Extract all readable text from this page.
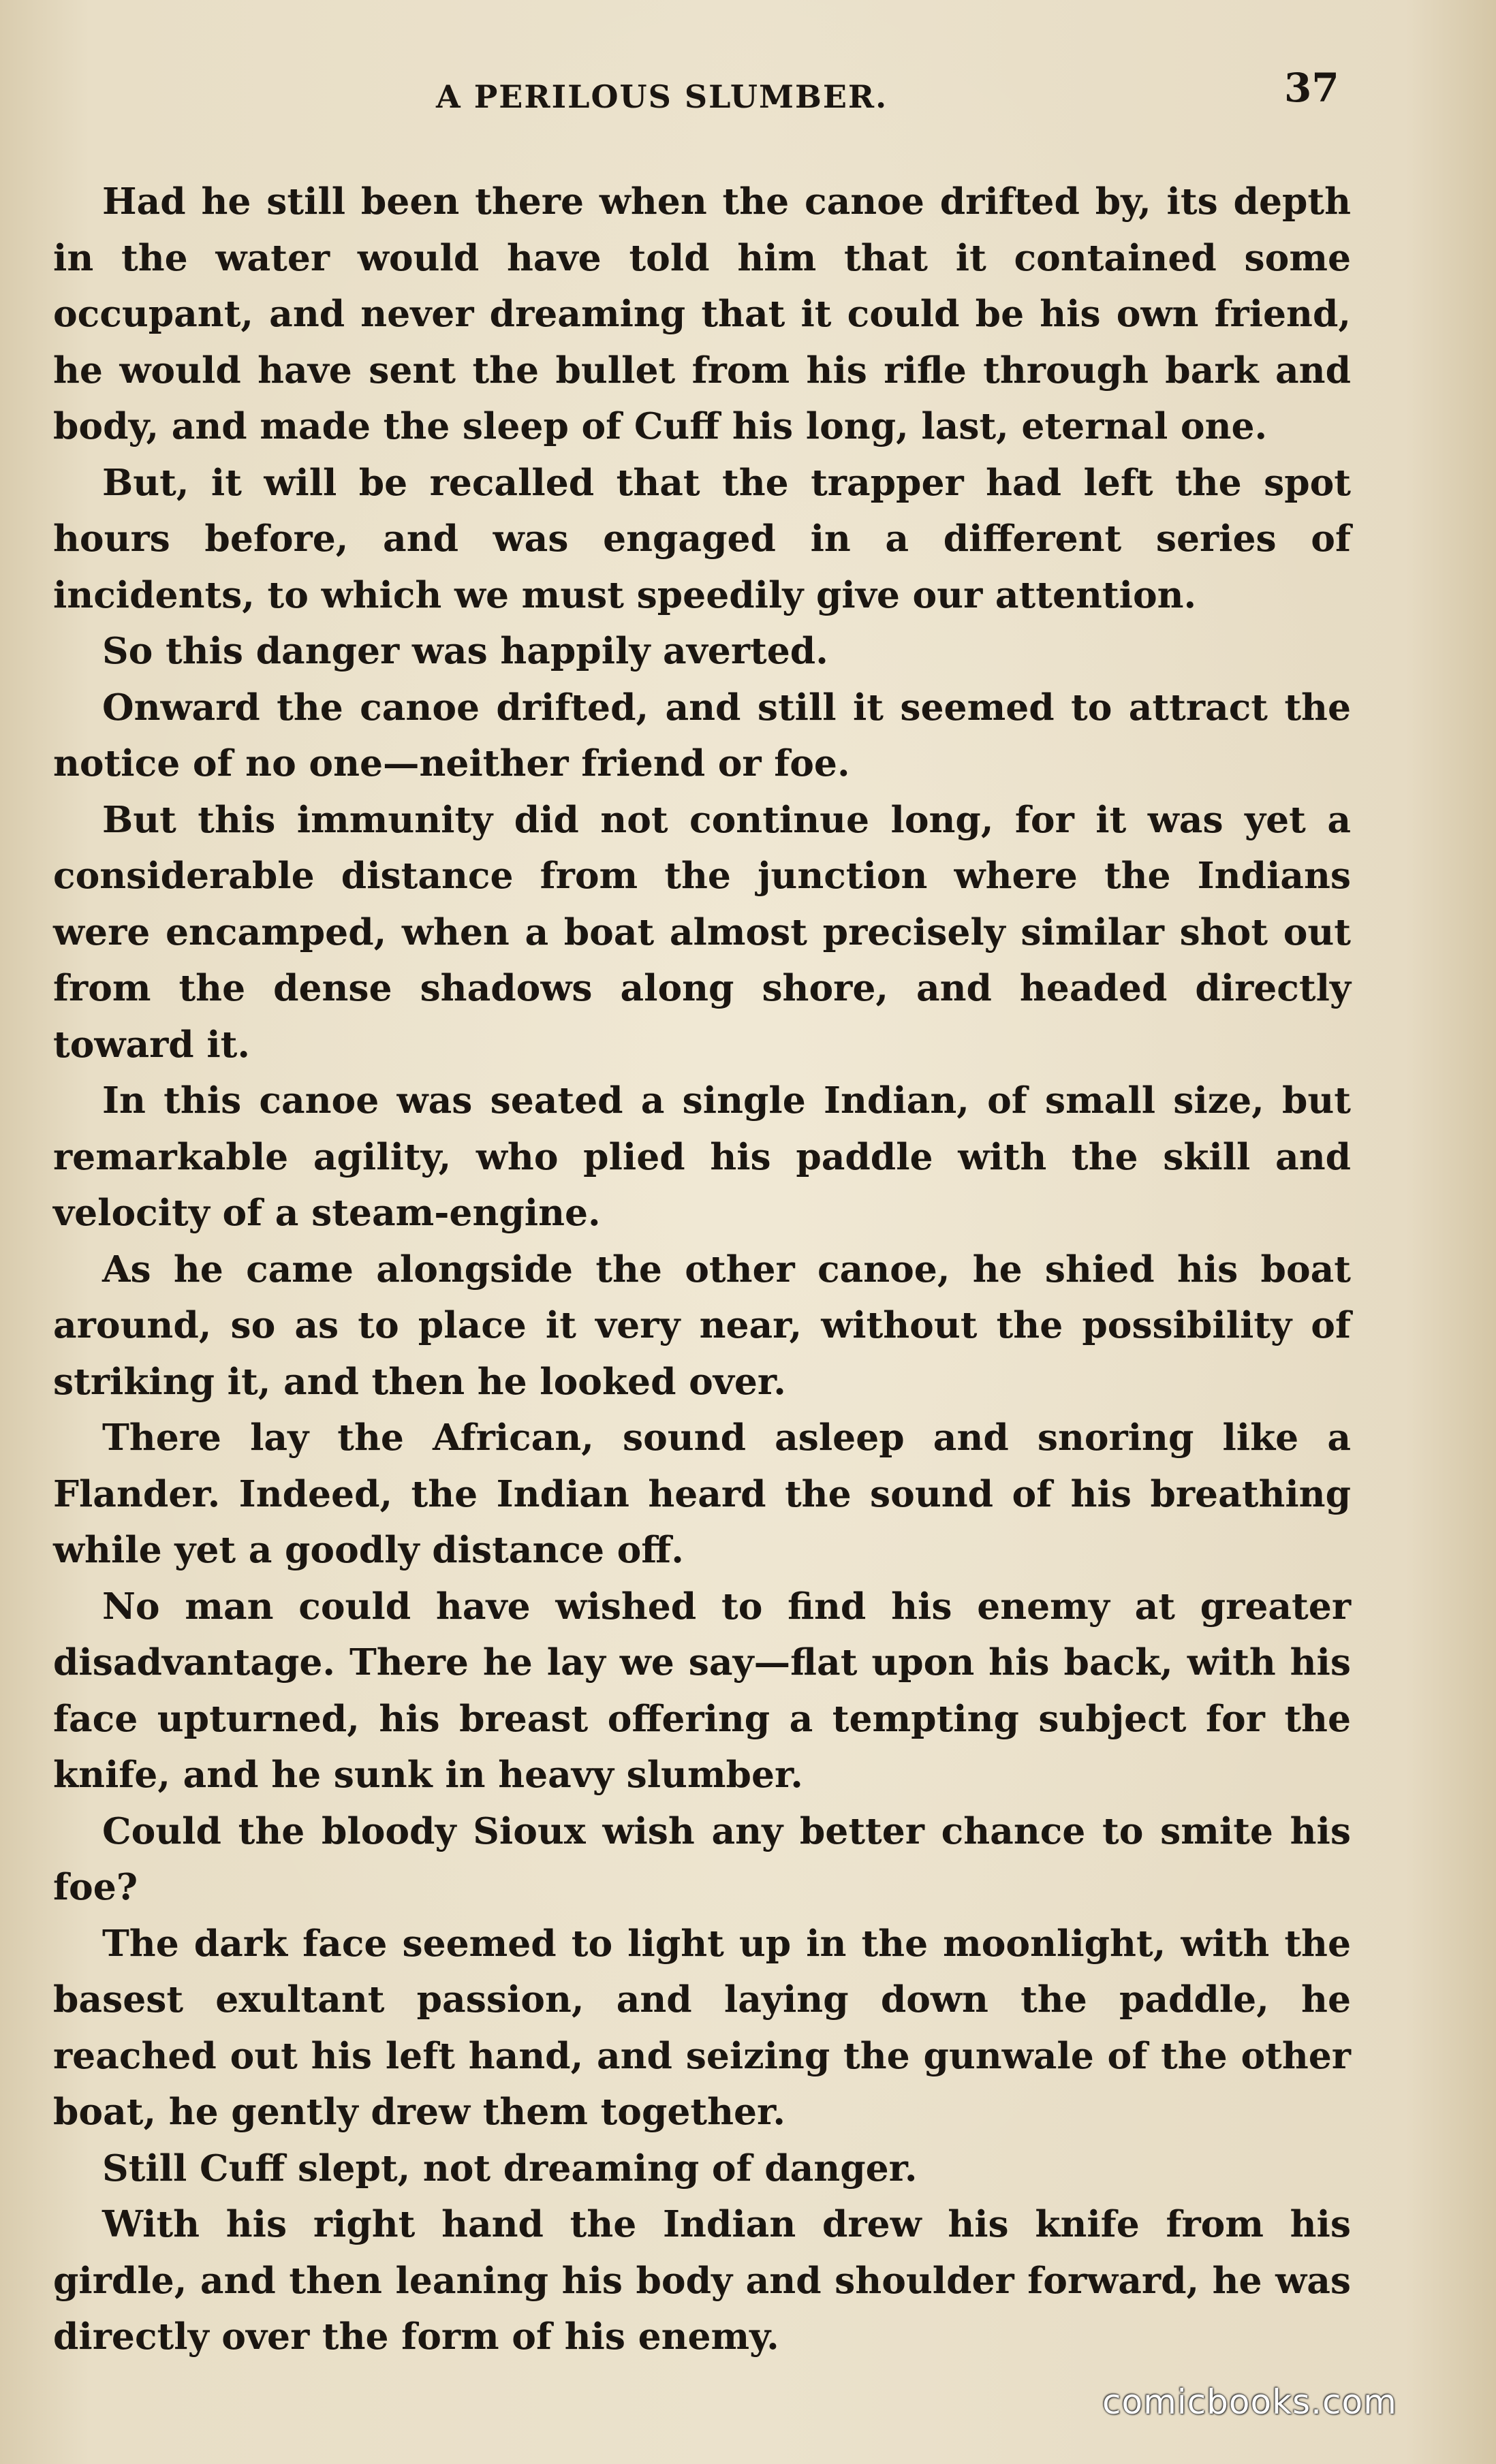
A PERILOUS SLUMBER.	37

Had he still been there when the canoe drifted by, its depth in the water would have told him that it contained some occupant, and never dreaming that it could be his own friend, he would have sent the bullet from his rifle through bark and body, and made the sleep of Cuff his long, last, eternal one.

But, it will be recalled that the trapper had left the spot hours before, and was engaged in a different series of incidents, to which we must speedily give our attention.

So this danger was happily averted.

Onward the canoe drifted, and still it seemed to attract the notice of no one—neither friend or foe.

But this immunity did not continue long, for it was yet a considerable distance from the junction where the Indians were encamped, when a boat almost precisely similar shot out from the dense shadows along shore, and headed directly toward it.

In this canoe was seated a single Indian, of small size, but remarkable agility, who plied his paddle with the skill and velocity of a steam-engine.

As he came alongside the other canoe, he shied his boat around, so as to place it very near, without the possibility of striking it, and then he looked over.

There lay the African, sound asleep and snoring like a Flander. Indeed, the Indian heard the sound of his breathing while yet a goodly distance off.

No man could have wished to find his enemy at greater disadvantage. There he lay we say—flat upon his back, with his face upturned, his breast offering a tempting subject for the knife, and he sunk in heavy slumber.

Could the bloody Sioux wish any better chance to smite his foe?

The dark face seemed to light up in the moonlight, with the basest exultant passion, and laying down the paddle, he reached out his left hand, and seizing the gunwale of the other boat, he gently drew them together.

Still Cuff slept, not dreaming of danger.

With his right hand the Indian drew his knife from his girdle, and then leaning his body and shoulder forward, he was directly over the form of his enemy.

comicbooks.com
